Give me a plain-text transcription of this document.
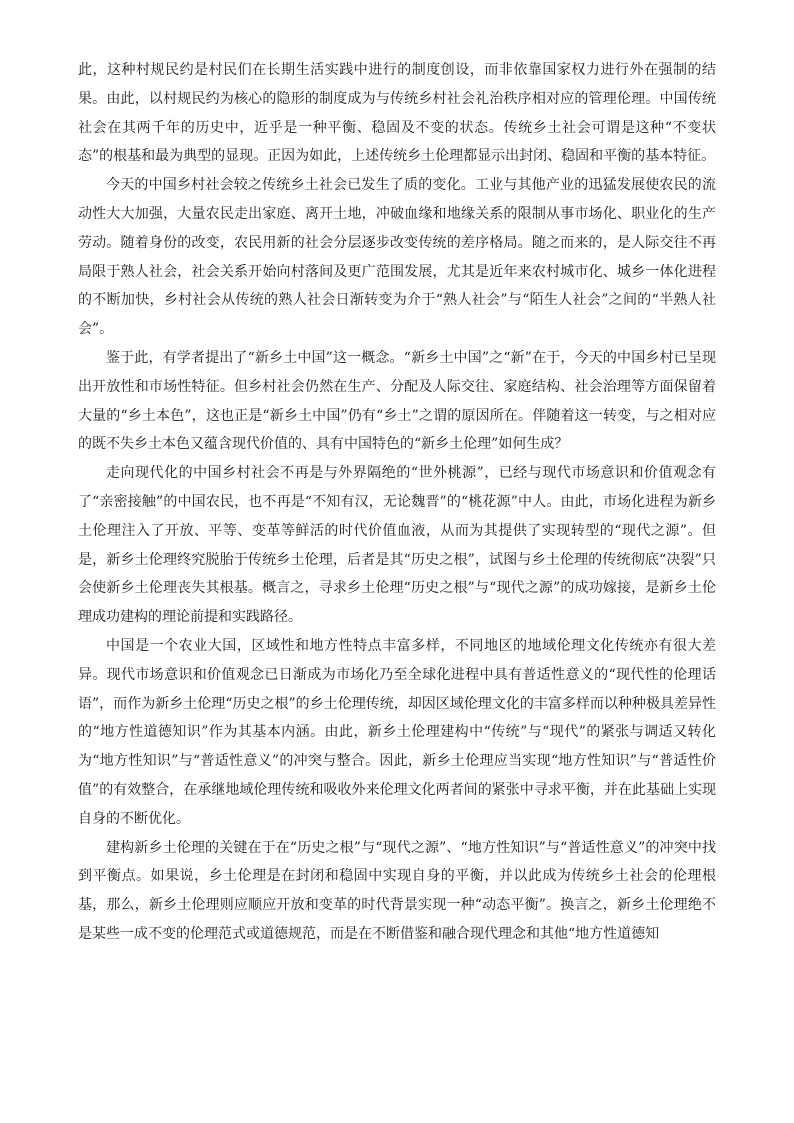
此，这种村规民约是村民们在长期生活实践中进行的制度创设，而非依靠国家权力进行外在强制的结果。由此，以村规民约为核心的隐形的制度成为与传统乡村社会礼治秩序相对应的管理伦理。中国传统社会在其两千年的历史中，近乎是一种平衡、稳固及不变的状态。传统乡土社会可谓是这种“不变状态”的根基和最为典型的显现。正因为如此，上述传统乡土伦理都显示出封闭、稳固和平衡的基本特征。

今天的中国乡村社会较之传统乡土社会已发生了质的变化。工业与其他产业的迅猛发展使农民的流动性大大加强，大量农民走出家庭、离开土地，冲破血缘和地缘关系的限制从事市场化、职业化的生产劳动。随着身份的改变，农民用新的社会分层逐步改变传统的差序格局。随之而来的，是人际交往不再局限于熟人社会，社会关系开始向村落间及更广范围发展，尤其是近年来农村城市化、城乡一体化进程的不断加快，乡村社会从传统的熟人社会日渐转变为介于“熟人社会”与“陌生人社会”之间的“半熟人社会”。

鉴于此，有学者提出了“新乡土中国”这一概念。“新乡土中国”之“新”在于，今天的中国乡村已呈现出开放性和市场性特征。但乡村社会仍然在生产、分配及人际交往、家庭结构、社会治理等方面保留着大量的“乡土本色”，这也正是“新乡土中国”仍有“乡土”之谓的原因所在。伴随着这一转变，与之相对应的既不失乡土本色又蕴含现代价值的、具有中国特色的“新乡土伦理”如何生成？

走向现代化的中国乡村社会不再是与外界隔绝的“世外桃源”，已经与现代市场意识和价值观念有了“亲密接触”的中国农民，也不再是“不知有汉，无论魏晋”的“桃花源”中人。由此，市场化进程为新乡土伦理注入了开放、平等、变革等鲜活的时代价值血液，从而为其提供了实现转型的“现代之源”。但是，新乡土伦理终究脱胎于传统乡土伦理，后者是其“历史之根”，试图与乡土伦理的传统彻底“决裂”只会使新乡土伦理丧失其根基。概言之，寻求乡土伦理“历史之根”与“现代之源”的成功嫁接，是新乡土伦理成功建构的理论前提和实践路径。

中国是一个农业大国，区域性和地方性特点丰富多样，不同地区的地域伦理文化传统亦有很大差异。现代市场意识和价值观念已日渐成为市场化乃至全球化进程中具有普适性意义的“现代性的伦理话语”，而作为新乡土伦理“历史之根”的乡土伦理传统，却因区域伦理文化的丰富多样而以种种极具差异性的“地方性道德知识”作为其基本内涵。由此，新乡土伦理建构中“传统”与“现代”的紧张与调适又转化为“地方性知识”与“普适性意义”的冲突与整合。因此，新乡土伦理应当实现“地方性知识”与“普适性价值”的有效整合，在承继地域伦理传统和吸收外来伦理文化两者间的紧张中寻求平衡，并在此基础上实现自身的不断优化。

建构新乡土伦理的关键在于在“历史之根”与“现代之源”、“地方性知识”与“普适性意义”的冲突中找到平衡点。如果说，乡土伦理是在封闭和稳固中实现自身的平衡，并以此成为传统乡土社会的伦理根基，那么，新乡土伦理则应顺应开放和变革的时代背景实现一种“动态平衡”。换言之，新乡土伦理绝不是某些一成不变的伦理范式或道德规范，而是在不断借鉴和融合现代理念和其他“地方性道德知
